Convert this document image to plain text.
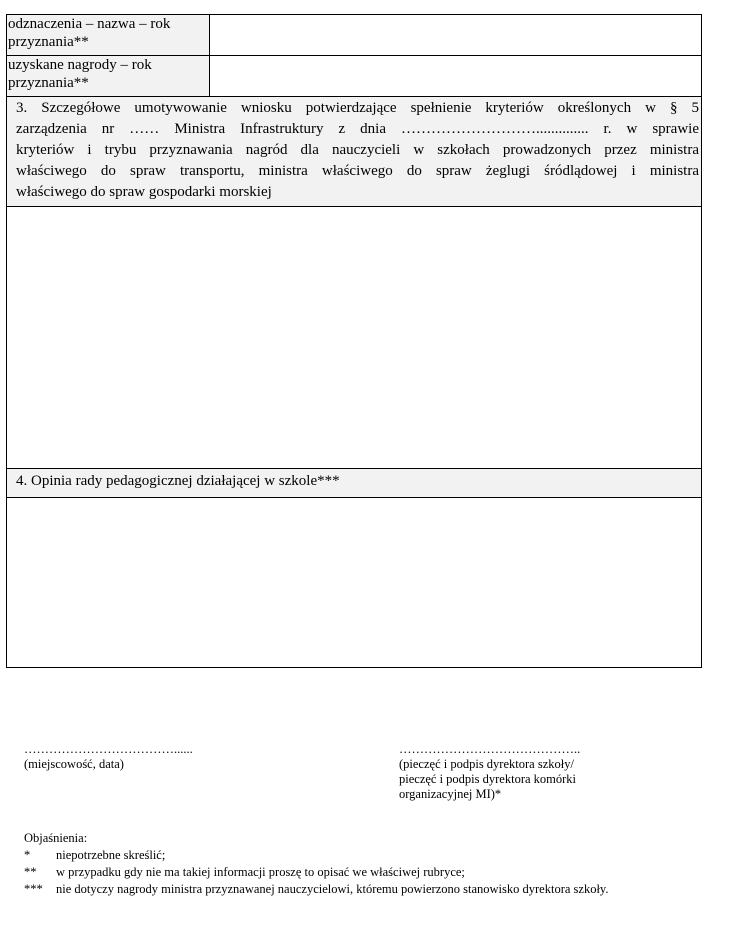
odznaczenia – nazwa – rok przyznania**	
uzyskane nagrody – rok przyznania**	

3. Szczegółowe umotywowanie wniosku potwierdzające spełnienie kryteriów określonych w § 5
zarządzenia nr …… Ministra Infrastruktury z dnia ……………………….............. r. w sprawie
kryteriów i trybu przyznawania nagród dla nauczycieli w szkołach prowadzonych przez ministra
właściwego do spraw transportu, ministra właściwego do spraw żeglugi śródlądowej i ministra
właściwego do spraw gospodarki morskiej	

4. Opinia rady pedagogicznej działającej w szkole***	

………………………………......
(miejscowość, data)
……………………………………..
(pieczęć i podpis dyrektora szkoły/
pieczęć i podpis dyrektora komórki
organizacyjnej MI)*
Objaśnienia:
* niepotrzebne skreślić;
** w przypadku gdy nie ma takiej informacji proszę to opisać we właściwej rubryce;
*** nie dotyczy nagrody ministra przyznawanej nauczycielowi, któremu powierzono stanowisko dyrektora szkoły.
